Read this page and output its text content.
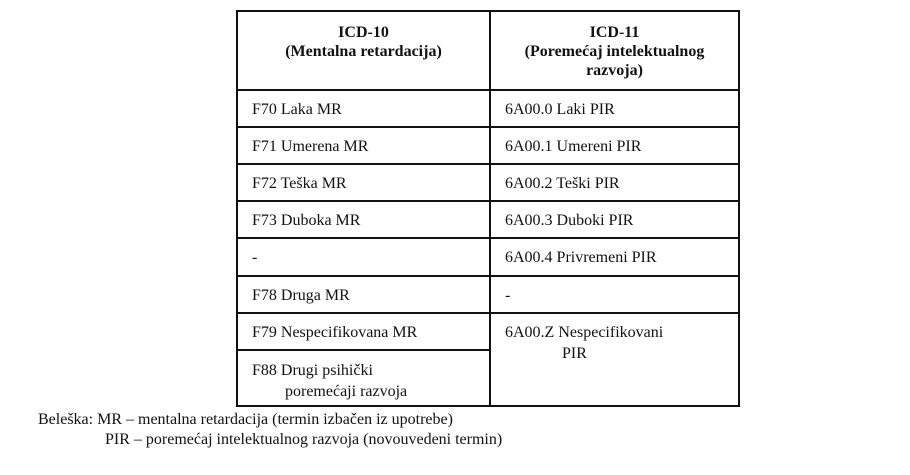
ICD-10
(Mentalna retardacija)
ICD-11
(Poremećaj intelektualnog
razvoja)
F70 Laka MR
F71 Umerena MR
F72 Teška MR
F73 Duboka MR
-
F78 Druga MR
F79 Nespecifikovana MR
F88 Drugi psihički
poremećaji razvoja
6A00.0 Laki PIR
6A00.1 Umereni PIR
6A00.2 Teški PIR
6A00.3 Duboki PIR
6A00.4 Privremeni PIR
-
6A00.Z Nespecifikovani
PIR
Beleška: MR – mentalna retardacija (termin izbačen iz upotrebe)
PIR – poremećaj intelektualnog razvoja (novouvedeni termin)
